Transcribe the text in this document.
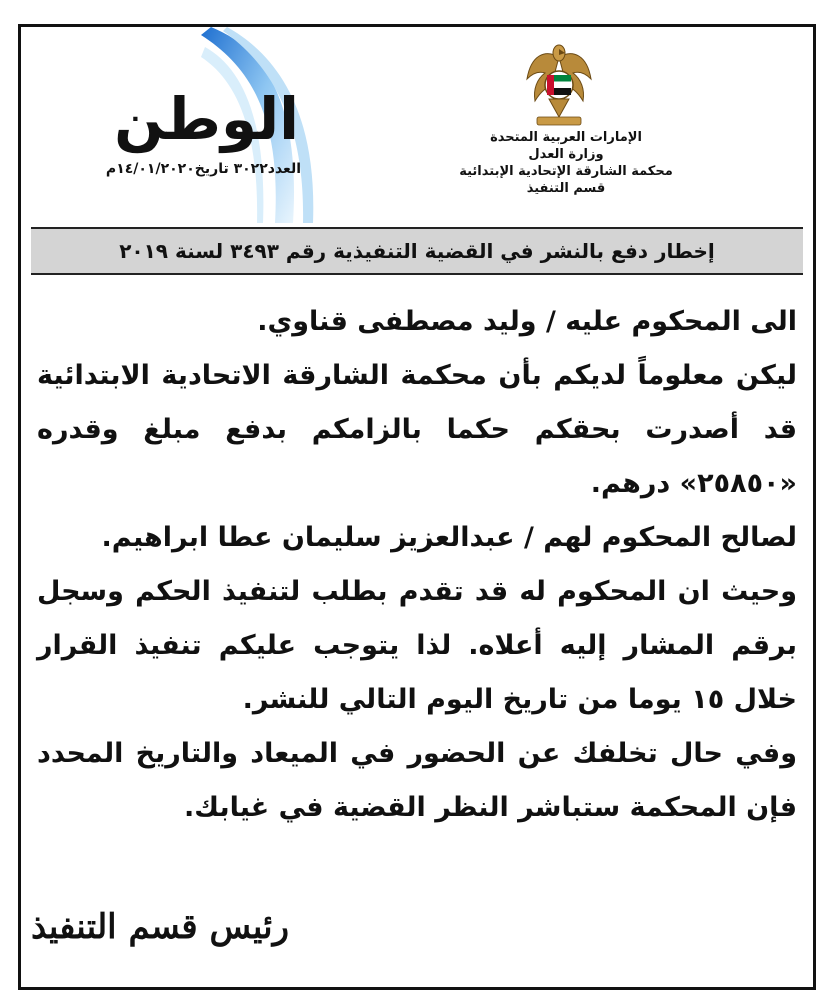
الإمارات العربية المتحدة
وزارة العدل
محكمة الشارقة الإتحادية الإبتدائية
قسم التنفيذ
الوطن
العدد٣٠٢٢ تاريخ١٤/٠١/٢٠٢٠م
إخطار دفع بالنشر في القضية التنفيذية رقم ٣٤٩٣ لسنة ٢٠١٩

الى المحكوم عليه / وليد مصطفى قناوي.

ليكن معلوماً لديكم بأن محكمة الشارقة الاتحادية الابتدائية قد أصدرت بحقكم حكما بالزامكم بدفع مبلغ وقدره «٢٥٨٥٠» درهم.

لصالح المحكوم لهم / عبدالعزيز سليمان عطا ابراهيم.

وحيث ان المحكوم له قد تقدم بطلب لتنفيذ الحكم وسجل برقم المشار إليه أعلاه. لذا يتوجب عليكم تنفيذ القرار خلال ١٥ يوما من تاريخ اليوم التالي للنشر.

وفي حال تخلفك عن الحضور في الميعاد والتاريخ المحدد فإن المحكمة ستباشر النظر القضية في غيابك.

رئيس قسم التنفيذ
